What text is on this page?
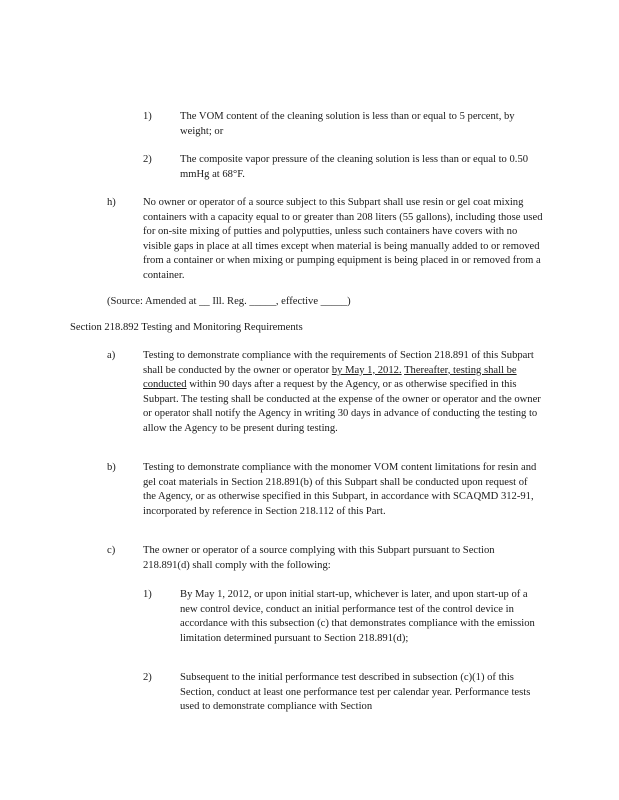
1)	The VOM content of the cleaning solution is less than or equal to 5 percent, by weight; or
2)	The composite vapor pressure of the cleaning solution is less than or equal to 0.50 mmHg at 68°F.
h)	No owner or operator of a source subject to this Subpart shall use resin or gel coat mixing containers with a capacity equal to or greater than 208 liters (55 gallons), including those used for on-site mixing of putties and polyputties, unless such containers have covers with no visible gaps in place at all times except when material is being manually added to or removed from a container or when mixing or pumping equipment is being placed in or removed from a container.
(Source: Amended at __ Ill. Reg. _____, effective _____)
Section 218.892 Testing and Monitoring Requirements
a)	Testing to demonstrate compliance with the requirements of Section 218.891 of this Subpart shall be conducted by the owner or operator by May 1, 2012. Thereafter, testing shall be conducted within 90 days after a request by the Agency, or as otherwise specified in this Subpart. The testing shall be conducted at the expense of the owner or operator and the owner or operator shall notify the Agency in writing 30 days in advance of conducting the testing to allow the Agency to be present during testing.
b)	Testing to demonstrate compliance with the monomer VOM content limitations for resin and gel coat materials in Section 218.891(b) of this Subpart shall be conducted upon request of the Agency, or as otherwise specified in this Subpart, in accordance with SCAQMD 312-91, incorporated by reference in Section 218.112 of this Part.
c)	The owner or operator of a source complying with this Subpart pursuant to Section 218.891(d) shall comply with the following:
1)	By May 1, 2012, or upon initial start-up, whichever is later, and upon start-up of a new control device, conduct an initial performance test of the control device in accordance with this subsection (c) that demonstrates compliance with the emission limitation determined pursuant to Section 218.891(d);
2)	Subsequent to the initial performance test described in subsection (c)(1) of this Section, conduct at least one performance test per calendar year. Performance tests used to demonstrate compliance with Section
